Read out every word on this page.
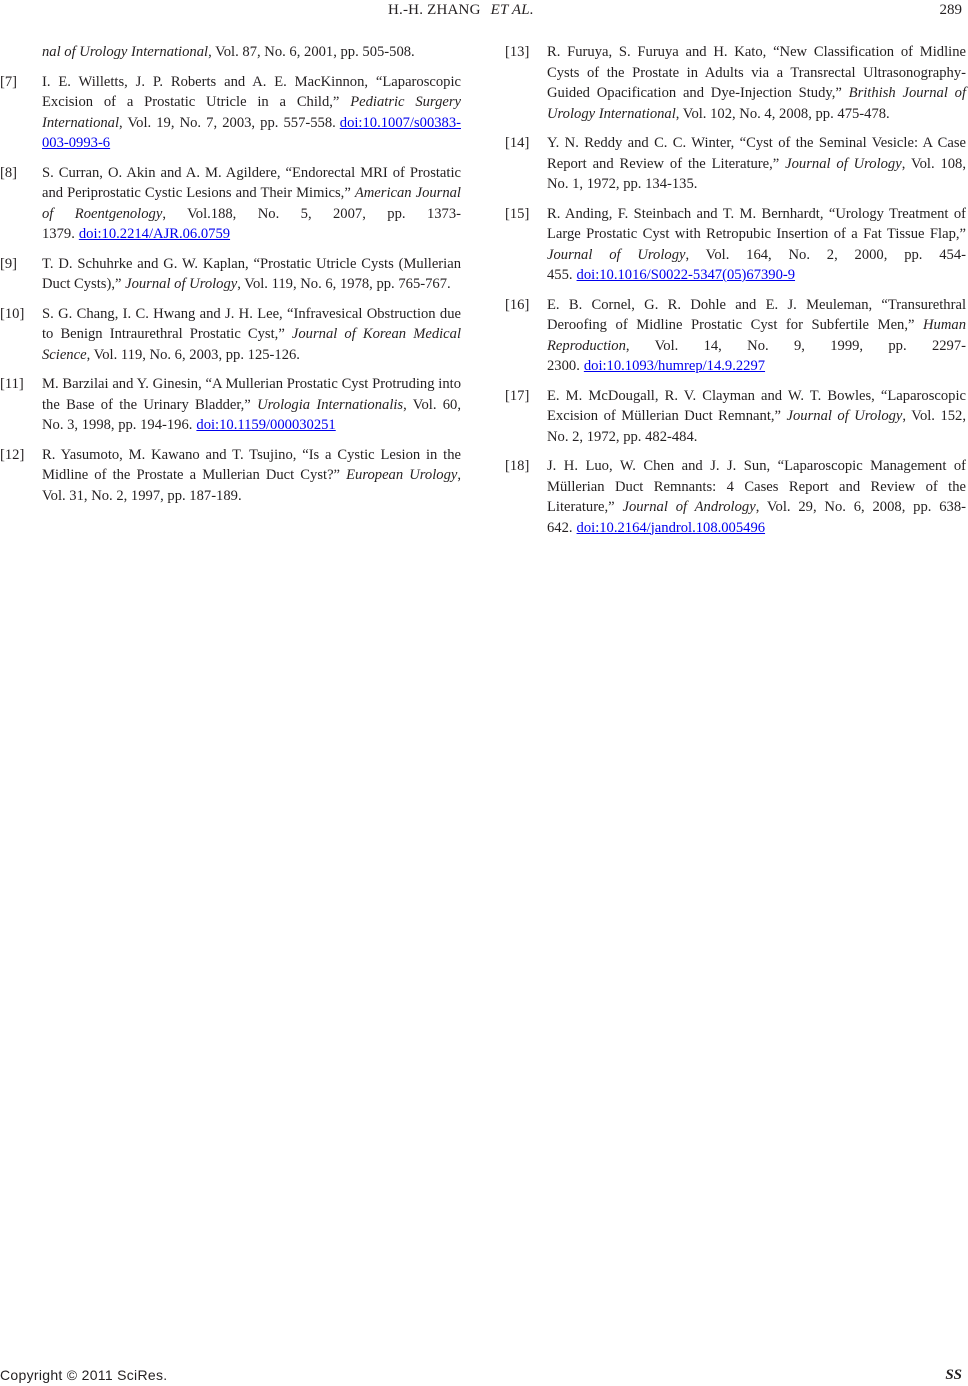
H.-H. ZHANG ET AL.	289
nal of Urology International, Vol. 87, No. 6, 2001, pp. 505-508.
[7] I. E. Willetts, J. P. Roberts and A. E. MacKinnon, “Laparoscopic Excision of a Prostatic Utricle in a Child,” Pediatric Surgery International, Vol. 19, No. 7, 2003, pp. 557-558. doi:10.1007/s00383-003-0993-6
[8] S. Curran, O. Akin and A. M. Agildere, “Endorectal MRI of Prostatic and Periprostatic Cystic Lesions and Their Mimics,” American Journal of Roentgenology, Vol.188, No. 5, 2007, pp. 1373-1379. doi:10.2214/AJR.06.0759
[9] T. D. Schuhrke and G. W. Kaplan, “Prostatic Utricle Cysts (Mullerian Duct Cysts),” Journal of Urology, Vol. 119, No. 6, 1978, pp. 765-767.
[10] S. G. Chang, I. C. Hwang and J. H. Lee, “Infravesical Obstruction due to Benign Intraurethral Prostatic Cyst,” Journal of Korean Medical Science, Vol. 119, No. 6, 2003, pp. 125-126.
[11] M. Barzilai and Y. Ginesin, “A Mullerian Prostatic Cyst Protruding into the Base of the Urinary Bladder,” Urologia Internationalis, Vol. 60, No. 3, 1998, pp. 194-196. doi:10.1159/000030251
[12] R. Yasumoto, M. Kawano and T. Tsujino, “Is a Cystic Lesion in the Midline of the Prostate a Mullerian Duct Cyst?” European Urology, Vol. 31, No. 2, 1997, pp. 187-189.
[13] R. Furuya, S. Furuya and H. Kato, “New Classification of Midline Cysts of the Prostate in Adults via a Transrectal Ultrasonography-Guided Opacification and Dye-Injection Study,” Brithish Journal of Urology International, Vol. 102, No. 4, 2008, pp. 475-478.
[14] Y. N. Reddy and C. C. Winter, “Cyst of the Seminal Vesicle: A Case Report and Review of the Literature,” Journal of Urology, Vol. 108, No. 1, 1972, pp. 134-135.
[15] R. Anding, F. Steinbach and T. M. Bernhardt, “Urology Treatment of Large Prostatic Cyst with Retropubic Insertion of a Fat Tissue Flap,” Journal of Urology, Vol. 164, No. 2, 2000, pp. 454-455. doi:10.1016/S0022-5347(05)67390-9
[16] E. B. Cornel, G. R. Dohle and E. J. Meuleman, “Transurethral Deroofing of Midline Prostatic Cyst for Subfertile Men,” Human Reproduction, Vol. 14, No. 9, 1999, pp. 2297-2300. doi:10.1093/humrep/14.9.2297
[17] E. M. McDougall, R. V. Clayman and W. T. Bowles, “Laparoscopic Excision of Müllerian Duct Remnant,” Journal of Urology, Vol. 152, No. 2, 1972, pp. 482-484.
[18] J. H. Luo, W. Chen and J. J. Sun, “Laparoscopic Management of Müllerian Duct Remnants: 4 Cases Report and Review of the Literature,” Journal of Andrology, Vol. 29, No. 6, 2008, pp. 638-642. doi:10.2164/jandrol.108.005496
Copyright © 2011 SciRes.	SS
